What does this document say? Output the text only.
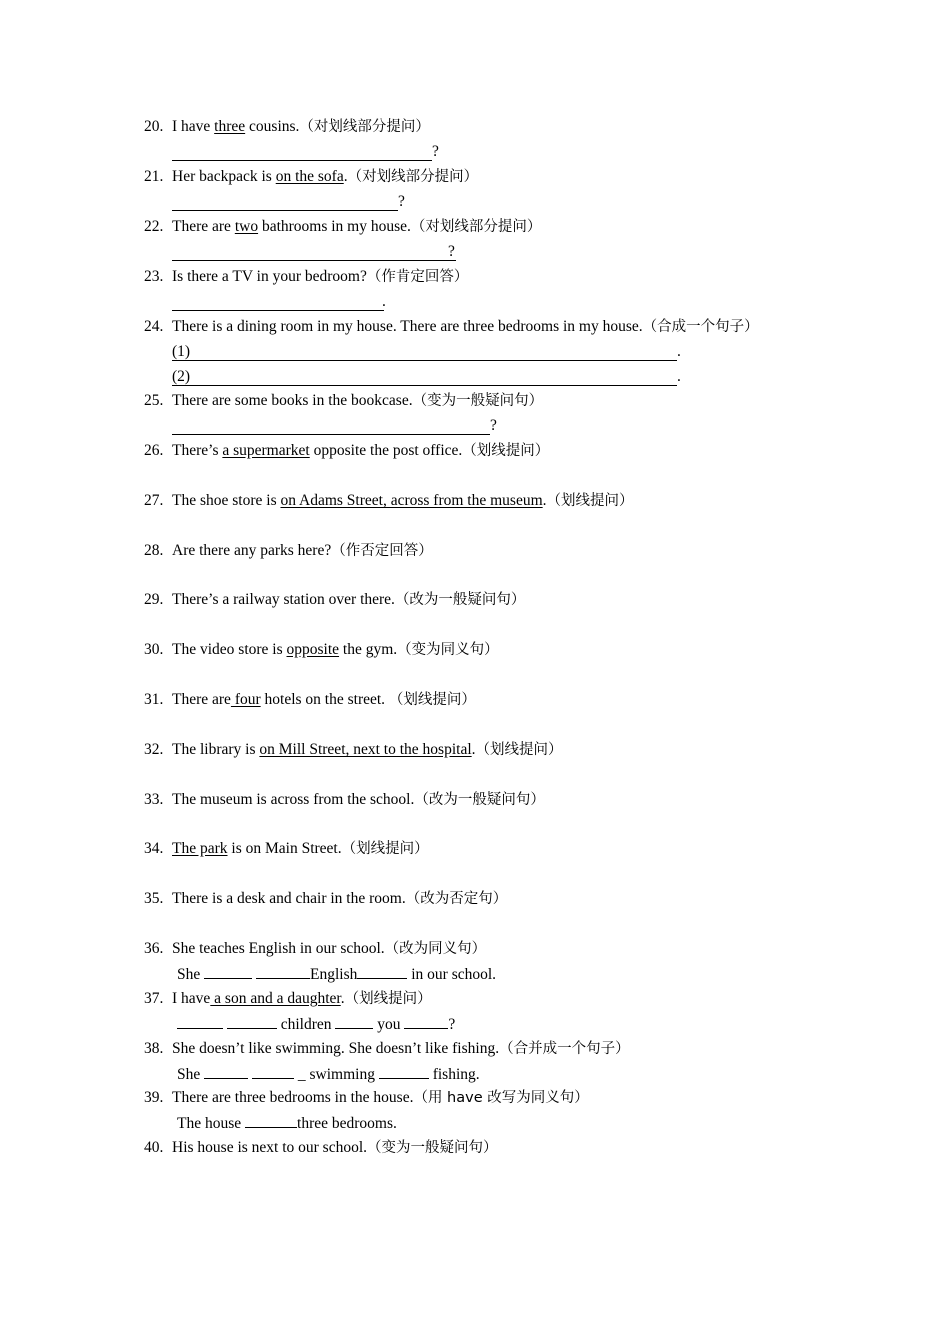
20. I have three cousins.（对划线部分提问）
?
21. Her backpack is on the sofa.（对划线部分提问）
?
22. There are two bathrooms in my house.（对划线部分提问）
?
23. Is there a TV in your bedroom?（作肯定回答）
.
24. There is a dining room in my house. There are three bedrooms in my house.（合成一个句子）
(1)	.
(2)	.
25. There are some books in the bookcase.（变为一般疑问句）
?
26. There’s a supermarket opposite the post office.（划线提问）
27. The shoe store is on Adams Street, across from the museum.（划线提问）
28. Are there any parks here?（作否定回答）
29. There’s a railway station over there.（改为一般疑问句）
30. The video store is opposite the gym.（变为同义句）
31. There are four hotels on the street. （划线提问）
32. The library is on Mill Street, next to the hospital.（划线提问）
33. The museum is across from the school.（改为一般疑问句）
34. The park is on Main Street.（划线提问）
35. There is a desk and chair in the room.（改为否定句）
36. She teaches English in our school.（改为同义句）
She	English	in our school.
37. I have a son and a daughter.（划线提问）
children  you	?
38. She doesn’t like swimming. She doesn’t like fishing.（合并成一个句子）
She	_ swimming	fishing.
39. There are three bedrooms in the house.（用 have 改写为同义句）
The house	three bedrooms.
40. His house is next to our school.（变为一般疑问句）
